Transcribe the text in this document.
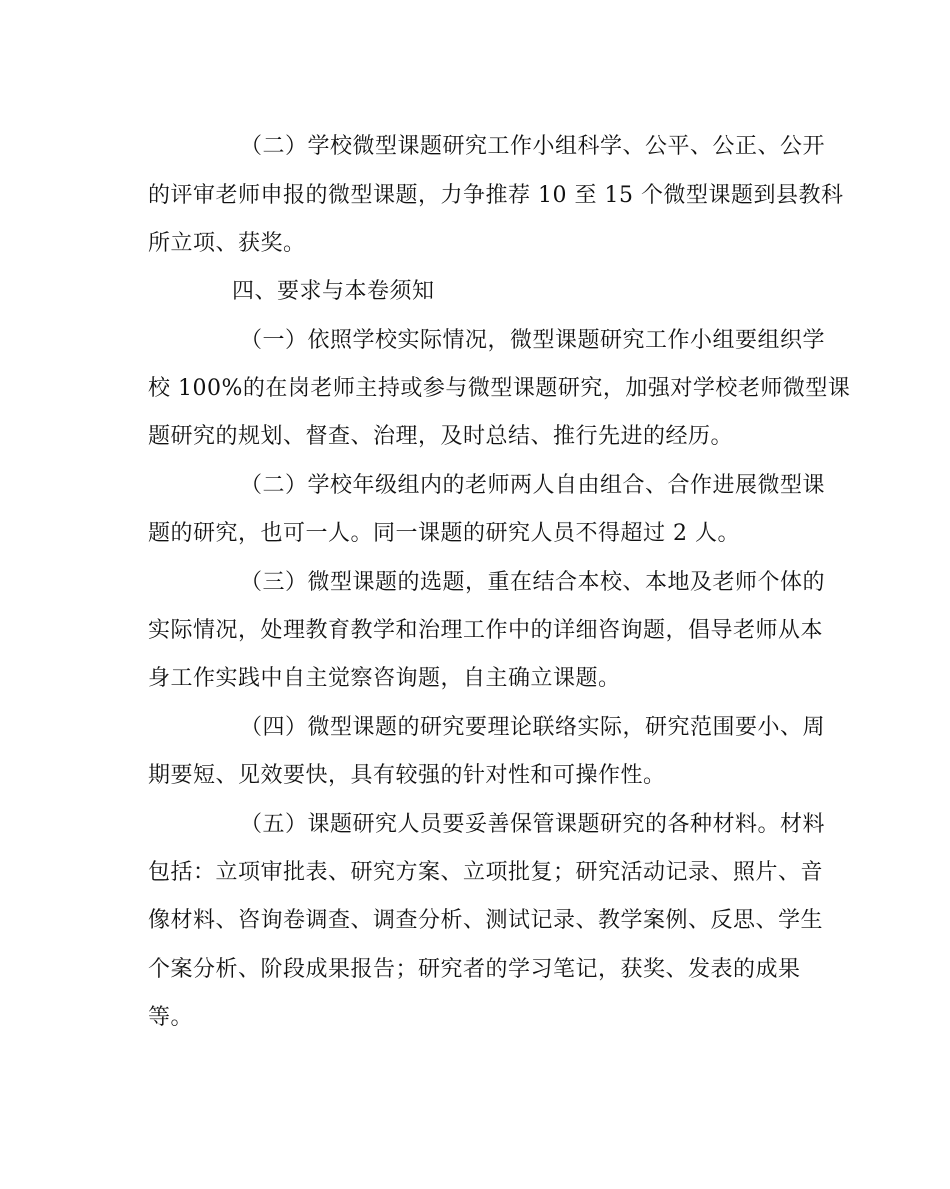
（二）学校微型课题研究工作小组科学、公平、公正、公开
的评审老师申报的微型课题，力争推荐 10 至 15 个微型课题到县教科
所立项、获奖。
四、要求与本卷须知
（一）依照学校实际情况，微型课题研究工作小组要组织学
校 100%的在岗老师主持或参与微型课题研究，加强对学校老师微型课
题研究的规划、督查、治理，及时总结、推行先进的经历。
（二）学校年级组内的老师两人自由组合、合作进展微型课
题的研究，也可一人。同一课题的研究人员不得超过 2 人。
（三）微型课题的选题，重在结合本校、本地及老师个体的
实际情况，处理教育教学和治理工作中的详细咨询题，倡导老师从本
身工作实践中自主觉察咨询题，自主确立课题。
（四）微型课题的研究要理论联络实际，研究范围要小、周
期要短、见效要快，具有较强的针对性和可操作性。
（五）课题研究人员要妥善保管课题研究的各种材料。材料
包括：立项审批表、研究方案、立项批复；研究活动记录、照片、音
像材料、咨询卷调查、调查分析、测试记录、教学案例、反思、学生
个案分析、阶段成果报告；研究者的学习笔记，获奖、发表的成果
等。
